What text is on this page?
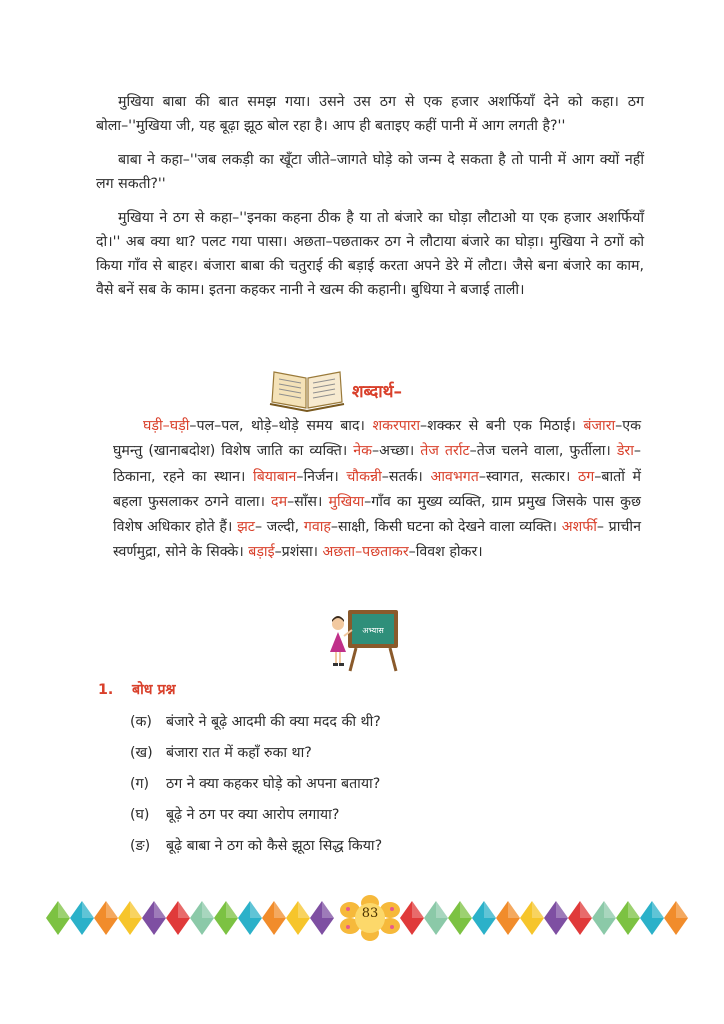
मुखिया बाबा की बात समझ गया। उसने उस ठग से एक हजार अशर्फियाँ देने को कहा। ठग बोला–''मुखिया जी, यह बूढ़ा झूठ बोल रहा है। आप ही बताइए कहीं पानी में आग लगती है?''

बाबा ने कहा–''जब लकड़ी का खूँटा जीते–जागते घोड़े को जन्म दे सकता है तो पानी में आग क्यों नहीं लग सकती?''

मुखिया ने ठग से कहा–''इनका कहना ठीक है या तो बंजारे का घोड़ा लौटाओ या एक हजार अशर्फियाँ दो।'' अब क्या था? पलट गया पासा। अछता–पछताकर ठग ने लौटाया बंजारे का घोड़ा। मुखिया ने ठगों को किया गाँव से बाहर। बंजारा बाबा की चतुराई की बड़ाई करता अपने डेरे में लौटा। जैसे बना बंजारे का काम, वैसे बनें सब के काम। इतना कहकर नानी ने खत्म की कहानी। बुधिया ने बजाई ताली।

शब्दार्थ–
घड़ी–घड़ी–पल–पल, थोड़े–थोड़े समय बाद। शकरपारा–शक्कर से बनी एक मिठाई। बंजारा–एक घुमन्तु (खानाबदोश) विशेष जाति का व्यक्ति। नेक–अच्छा। तेज तर्राट–तेज चलने वाला, फुर्तीला। डेरा–ठिकाना, रहने का स्थान। बियाबान–निर्जन। चौकन्नी–सतर्क। आवभगत–स्वागत, सत्कार। ठग–बातों में बहला फुसलाकर ठगने वाला। दम–साँस। मुखिया–गाँव का मुख्य व्यक्ति, ग्राम प्रमुख जिसके पास कुछ विशेष अधिकार होते हैं। झट– जल्दी, गवाह–साक्षी, किसी घटना को देखने वाला व्यक्ति। अशर्फी– प्राचीन स्वर्णमुद्रा, सोने के सिक्के। बड़ाई–प्रशंसा। अछता–पछताकर–विवश होकर।
अभ्यास
1. बोध प्रश्न
(क) बंजारे ने बूढ़े आदमी की क्या मदद की थी?
(ख) बंजारा रात में कहाँ रुका था?
(ग)	ठग ने क्या कहकर घोड़े को अपना बताया?
(घ)	बूढ़े ने ठग पर क्या आरोप लगाया?
(ङ)	बूढ़े बाबा ने ठग को कैसे झूठा सिद्ध किया?
83
